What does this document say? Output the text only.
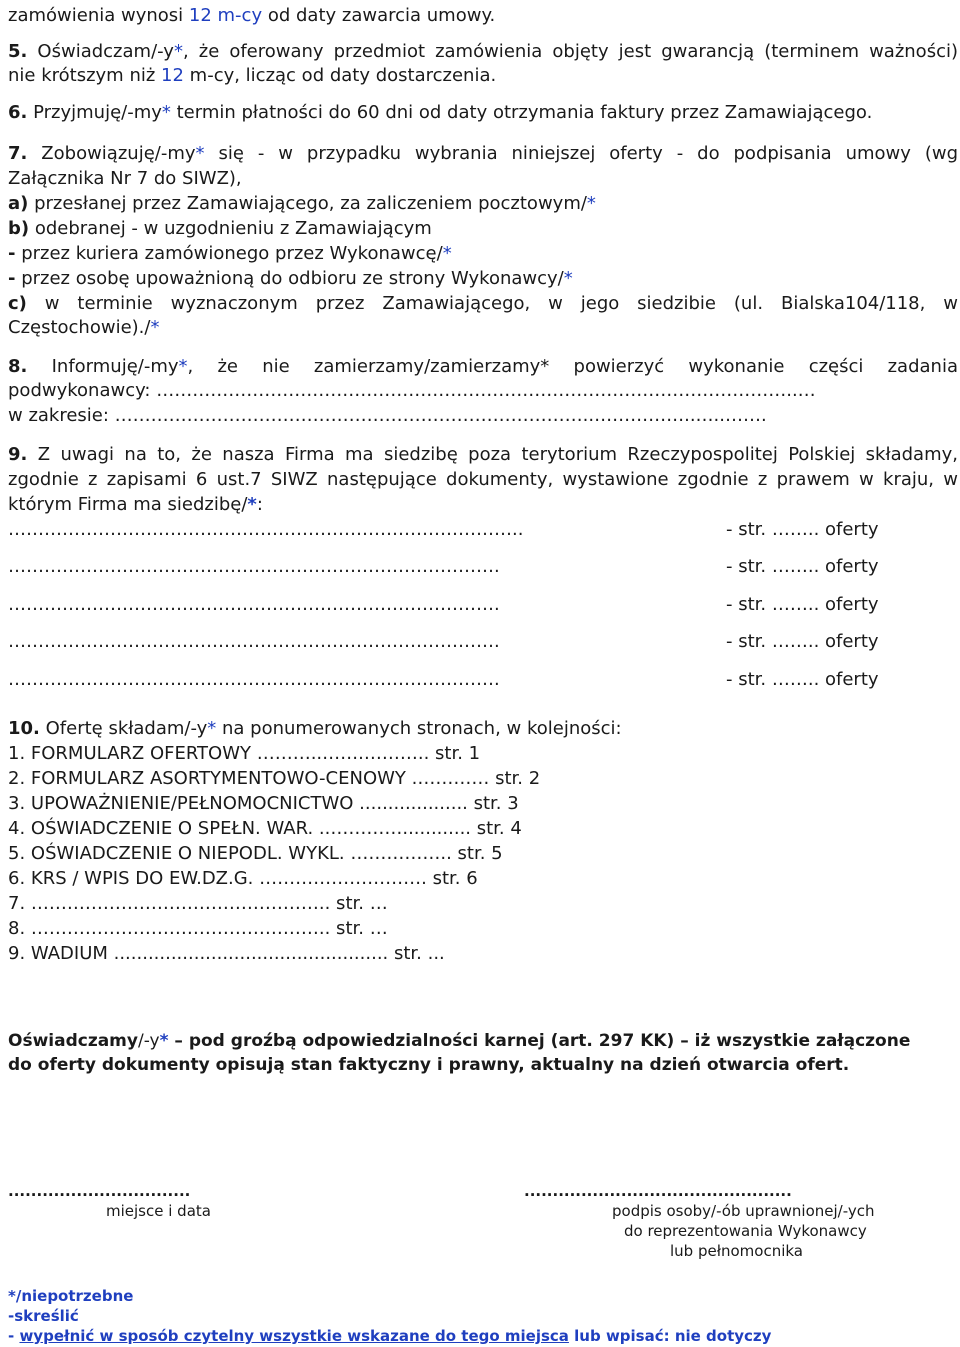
zamówienia wynosi 12 m-cy od daty zawarcia umowy.
5. Oświadczam/-y*, że oferowany przedmiot zamówienia objęty jest gwarancją (terminem ważności)
nie krótszym niż 12 m-cy, licząc od daty dostarczenia.
6. Przyjmuję/-my* termin płatności do 60 dni od daty otrzymania faktury przez Zamawiającego.
7. Zobowiązuję/-my* się - w przypadku wybrania niniejszej oferty - do podpisania umowy (wg
Załącznika Nr 7 do SIWZ),
a) przesłanej przez Zamawiającego, za zaliczeniem pocztowym/*
b) odebranej - w uzgodnieniu z Zamawiającym
- przez kuriera zamówionego przez Wykonawcę/*
- przez osobę upoważnioną do odbioru ze strony Wykonawcy/*
c) w terminie wyznaczonym przez Zamawiającego, w jego siedzibie (ul. Bialska104/118, w
Częstochowie)./*
8. Informuję/-my*, że nie zamierzamy/zamierzamy* powierzyć wykonanie części zadania
podwykonawcy: ……………………………………………………………………………………………..…
w zakresie: ……………………………………………………………………..……………..…..…….
9. Z uwagi na to, że nasza Firma ma siedzibę poza terytorium Rzeczypospolitej Polskiej składamy,
zgodnie z zapisami 6 ust.7 SIWZ następujące dokumenty, wystawione zgodnie z prawem w kraju, w
którym Firma ma siedzibę/*:
…………………………………………………………………………..	- str. …….. oferty
……………………………………………………………………….	- str. …….. oferty
……………………………………………………………………….	- str. …….. oferty
……………………………………………………………………….	- str. …….. oferty
……………………………………………………………………….	- str. …….. oferty
10. Ofertę składam/-y* na ponumerowanych stronach, w kolejności:
1. FORMULARZ OFERTOWY ………..…….……….. str. 1
2. FORMULARZ ASORTYMENTOWO-CENOWY .………… str. 2
3. UPOWAŻNIENIE/PEŁNOMOCNICTWO ................... str. 3
4. OŚWIADCZENIE O SPEŁN. WAR. ..…………............ str. 4
5. OŚWIADCZENIE O NIEPODL. WYKL. …………….. str. 5
6. KRS / WPIS DO EW.DZ.G. ………………………. str. 6
7. ………………………………………….. str. …
8. ………………………………………….. str. …
9. WADIUM ................................................ str. ...
Oświadczamy/-y* – pod groźbą odpowiedzialności karnej (art. 297 KK) – iż wszystkie załączone
do oferty dokumenty opisują stan faktyczny i prawny, aktualny na dzień otwarcia ofert.
................................
miejsce i data
...............................................
podpis osoby/-ób uprawnionej/-ych
do reprezentowania Wykonawcy
lub pełnomocnika
*/niepotrzebne
-skreślić
- wypełnić w sposób czytelny wszystkie wskazane do tego miejsca lub wpisać: nie dotyczy
